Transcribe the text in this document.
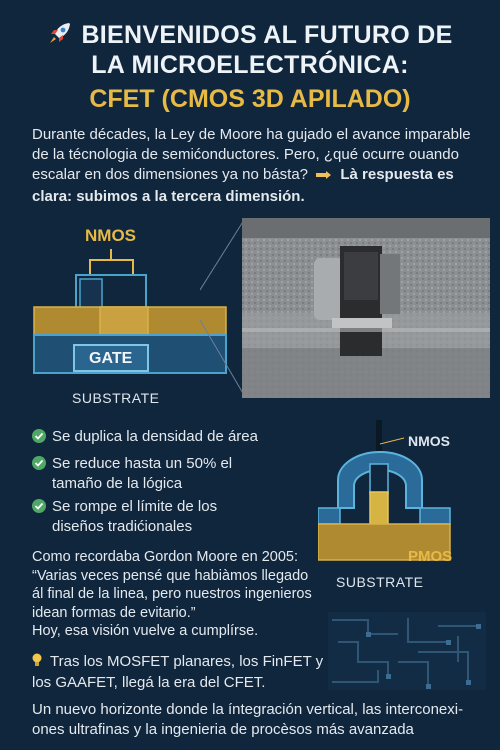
BIENVENIDOS AL FUTURO DE
LA MICROELECTRÓNICA:
CFET (CMOS 3D APILADO)
Durante décades, la Ley de Moore ha gujado el avance imparable de la técnologia de semićonductores. Pero, ¿qué ocurre ouando escalar en dos dimensiones ya no básta? Là respuesta es clara: subimos a la tercera dimensión.
NMOS
GATE
SUBSTRATE
Se duplica la densidad de área
Se reduce hasta un 50% el tamaño de la lógica
Se rompe el límite de los diseños tradićionales
NMOS
PMOS
SUBSTRATE
Como recordaba Gordon Moore en 2005:
“Varias veces pensé que habiàmos llegado ál final de la linea, pero nuestros ingenieros idean formas de evitario.”
Hoy, esa visión vuelve a cumplírse.
Tras los MOSFET planares, los FinFET y los GAAFET, llegá la era del CFET.
Un nuevo horizonte donde la íntegración vertical, las interconexi- ones ultrafinas y la ingenieria de procèsos más avanzada
